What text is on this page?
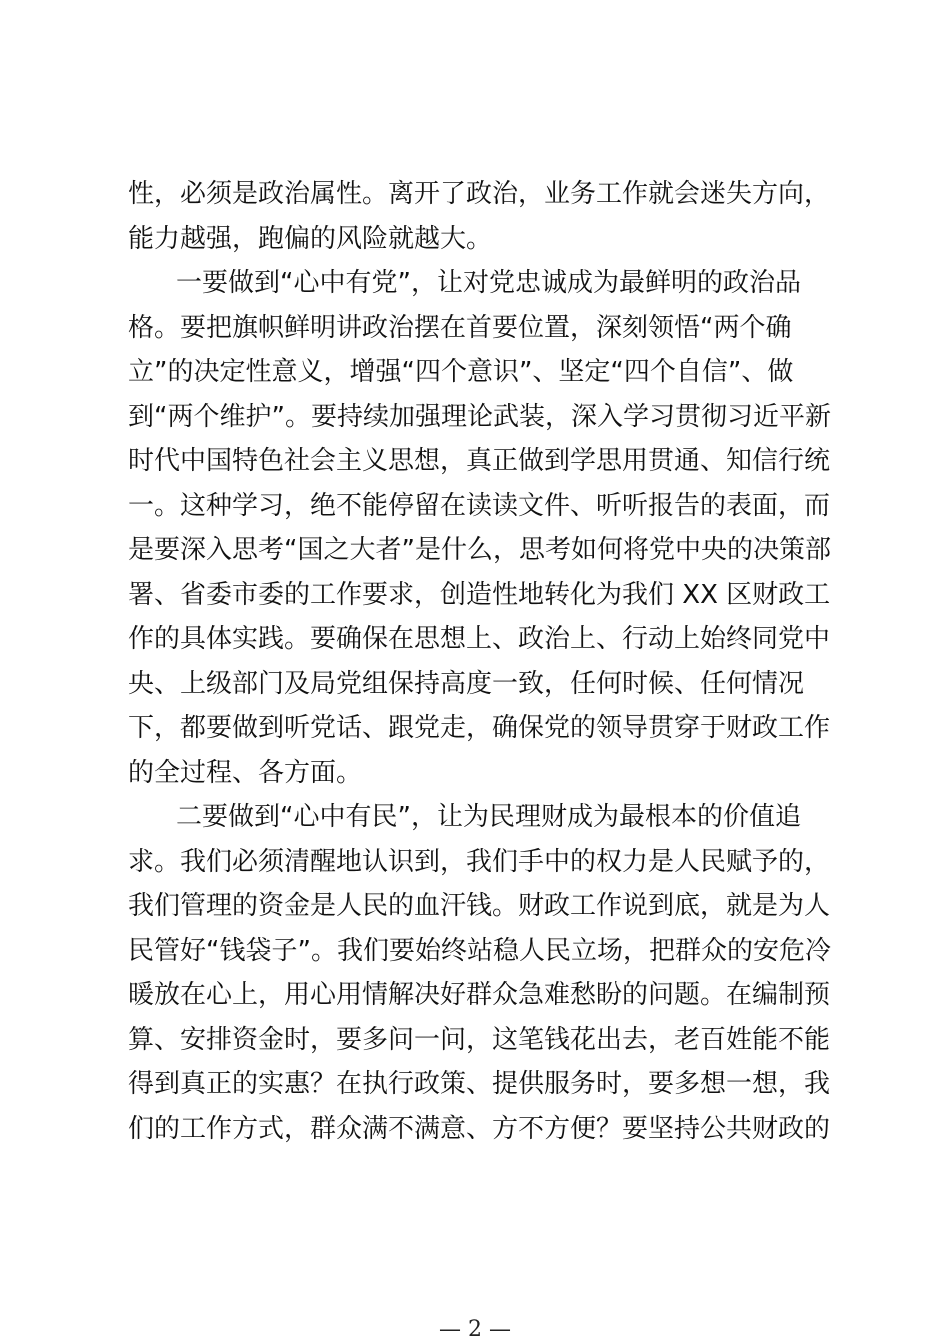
性，必须是政治属性。离开了政治，业务工作就会迷失方向，
能力越强，跑偏的风险就越大。
一要做到“心中有党”，让对党忠诚成为最鲜明的政治品
格。要把旗帜鲜明讲政治摆在首要位置，深刻领悟“两个确
立”的决定性意义，增强“四个意识”、坚定“四个自信”、做
到“两个维护”。要持续加强理论武装，深入学习贯彻习近平新
时代中国特色社会主义思想，真正做到学思用贯通、知信行统
一。这种学习，绝不能停留在读读文件、听听报告的表面，而
是要深入思考“国之大者”是什么，思考如何将党中央的决策部
署、省委市委的工作要求，创造性地转化为我们 XX 区财政工
作的具体实践。要确保在思想上、政治上、行动上始终同党中
央、上级部门及局党组保持高度一致，任何时候、任何情况
下，都要做到听党话、跟党走，确保党的领导贯穿于财政工作
的全过程、各方面。
二要做到“心中有民”，让为民理财成为最根本的价值追
求。我们必须清醒地认识到，我们手中的权力是人民赋予的，
我们管理的资金是人民的血汗钱。财政工作说到底，就是为人
民管好“钱袋子”。我们要始终站稳人民立场，把群众的安危冷
暖放在心上，用心用情解决好群众急难愁盼的问题。在编制预
算、安排资金时，要多问一问，这笔钱花出去，老百姓能不能
得到真正的实惠？在执行政策、提供服务时，要多想一想，我
们的工作方式，群众满不满意、方不方便？要坚持公共财政的
— 2 —
